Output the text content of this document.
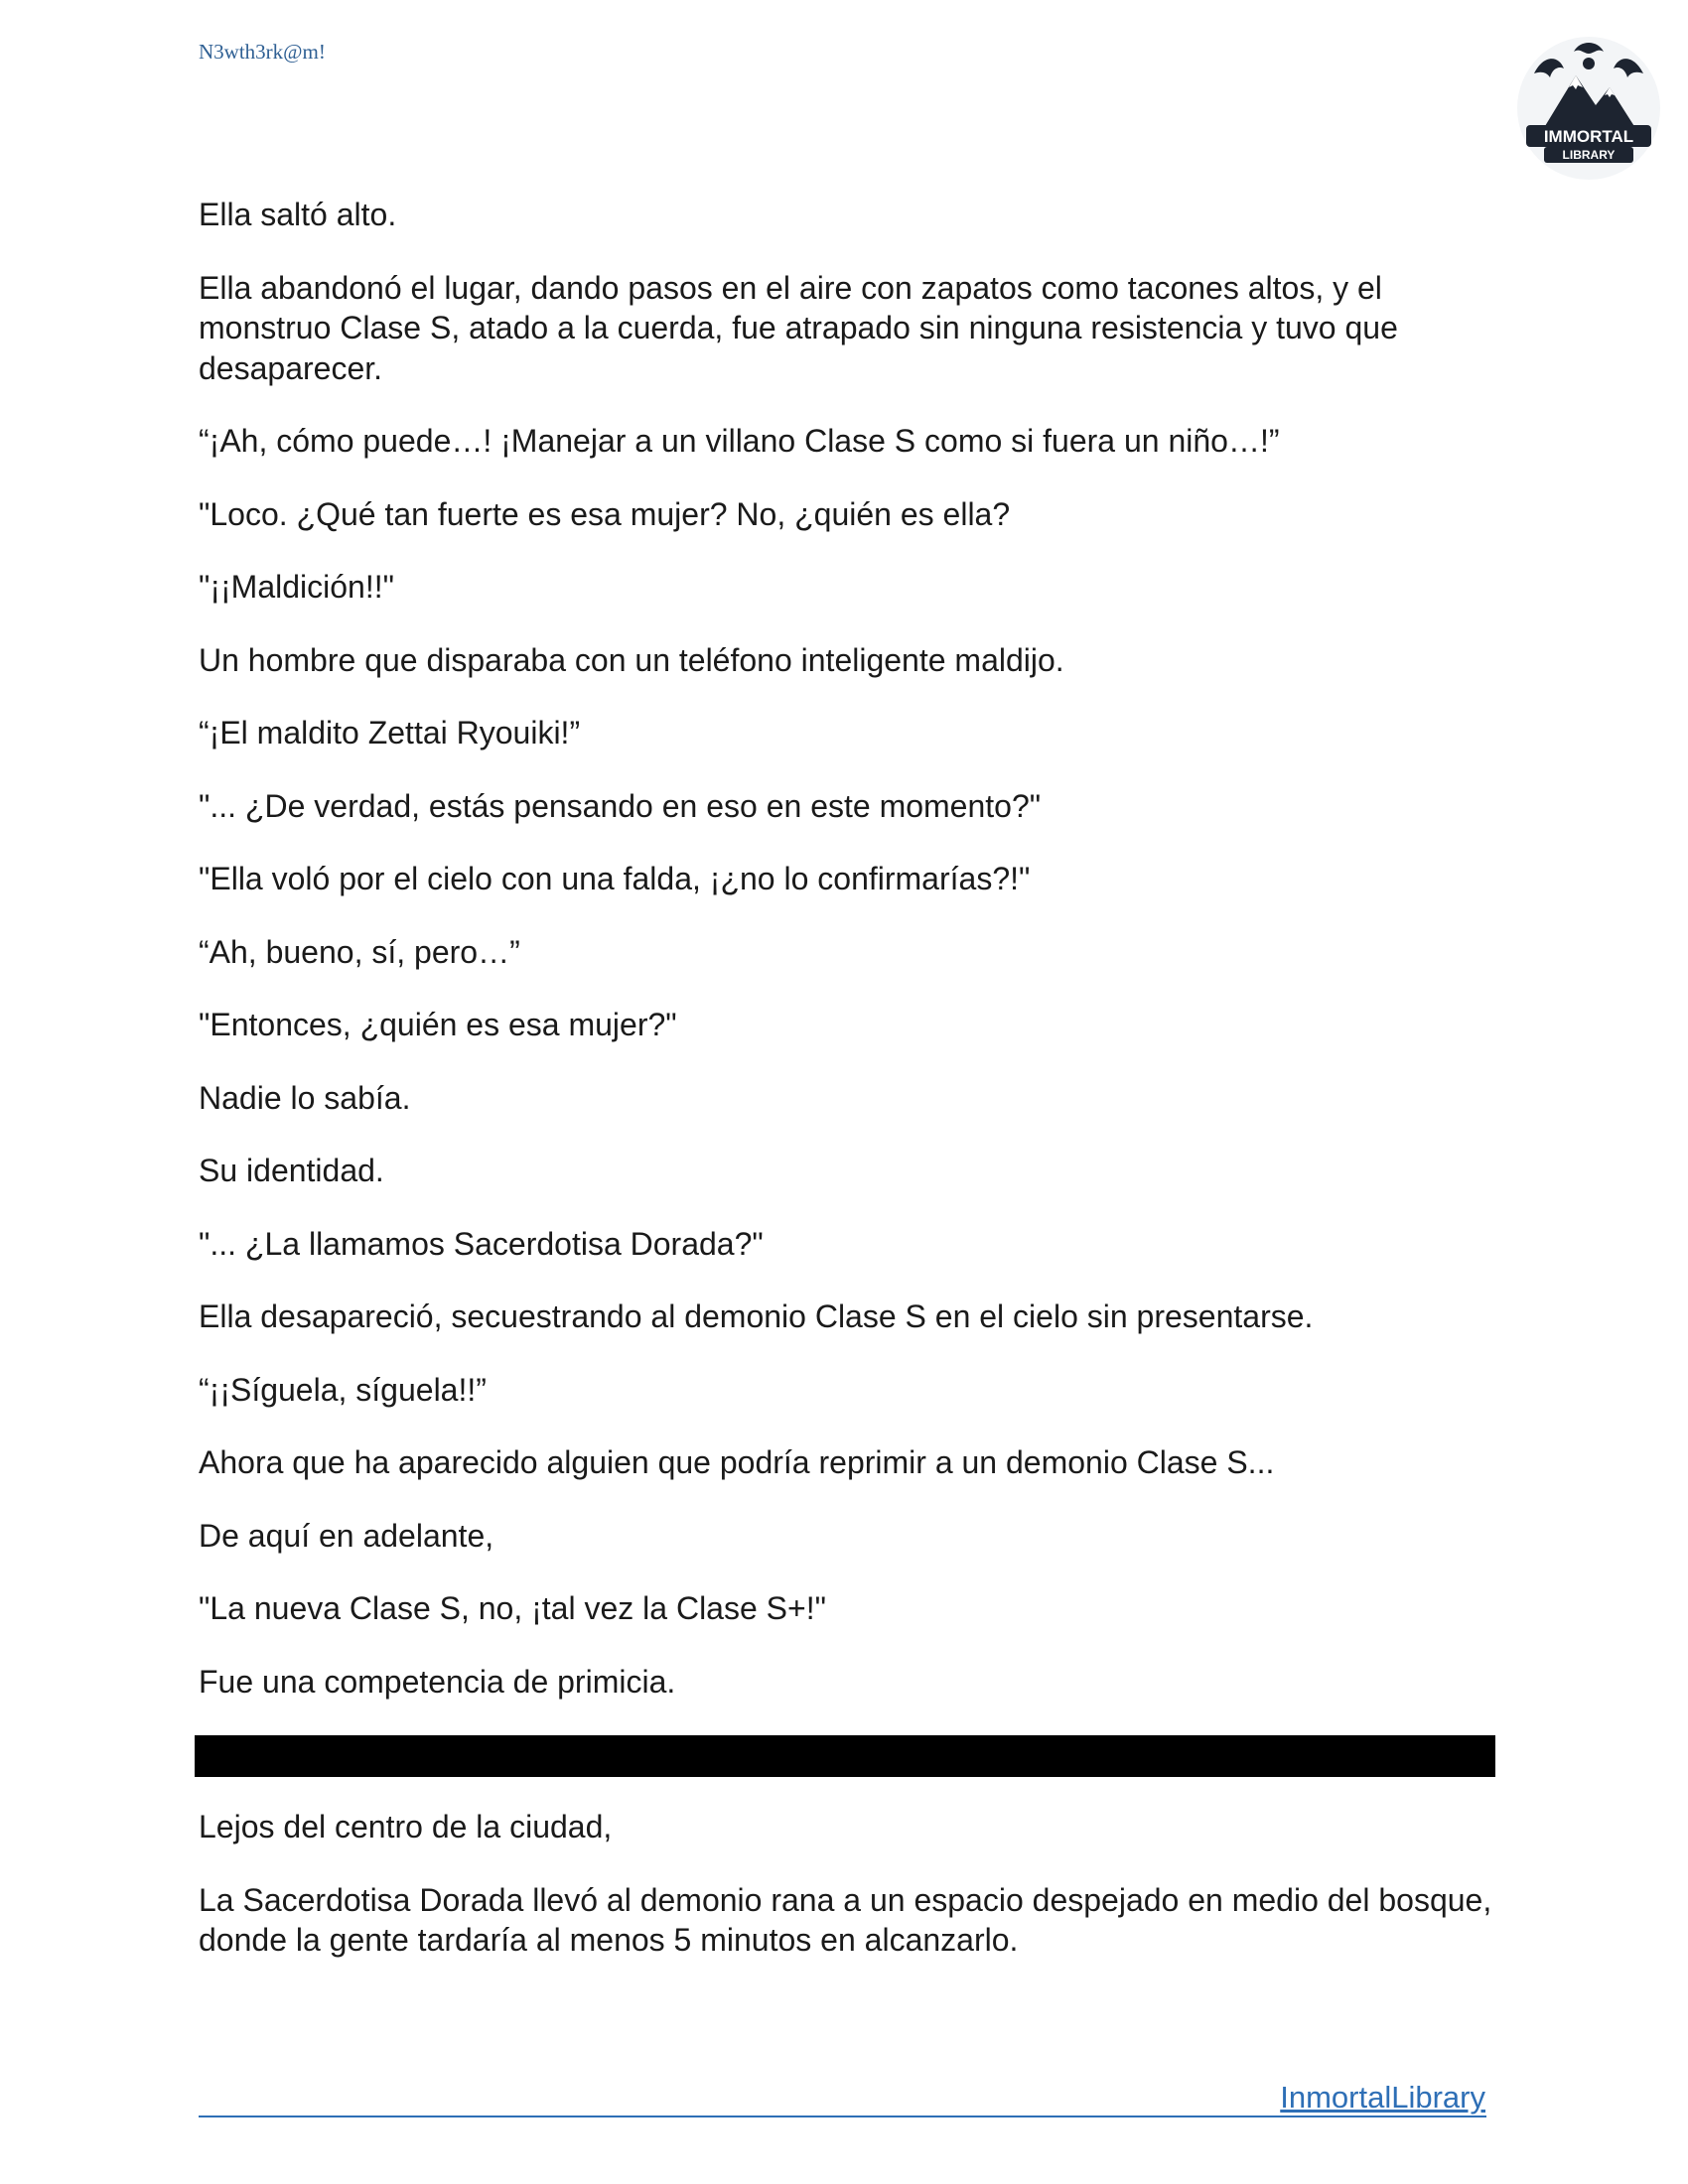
N3wth3rk@m!
IMMORTAL
LIBRARY

Ella saltó alto.

Ella abandonó el lugar, dando pasos en el aire con zapatos como tacones altos, y el monstruo Clase S, atado a la cuerda, fue atrapado sin ninguna resistencia y tuvo que desaparecer.

“¡Ah, cómo puede…! ¡Manejar a un villano Clase S como si fuera un niño…!”

"Loco. ¿Qué tan fuerte es esa mujer? No, ¿quién es ella?

"¡¡Maldición!!"

Un hombre que disparaba con un teléfono inteligente maldijo.

“¡El maldito Zettai Ryouiki!”

"... ¿De verdad, estás pensando en eso en este momento?"

"Ella voló por el cielo con una falda, ¡¿no lo confirmarías?!"

“Ah, bueno, sí, pero…”

"Entonces, ¿quién es esa mujer?"

Nadie lo sabía.

Su identidad.

"... ¿La llamamos Sacerdotisa Dorada?"

Ella desapareció, secuestrando al demonio Clase S en el cielo sin presentarse.

“¡¡Síguela, síguela!!”

Ahora que ha aparecido alguien que podría reprimir a un demonio Clase S...

De aquí en adelante,

"La nueva Clase S, no, ¡tal vez la Clase S+!"

Fue una competencia de primicia.

Lejos del centro de la ciudad,

La Sacerdotisa Dorada llevó al demonio rana a un espacio despejado en medio del bosque, donde la gente tardaría al menos 5 minutos en alcanzarlo.

InmortalLibrary
